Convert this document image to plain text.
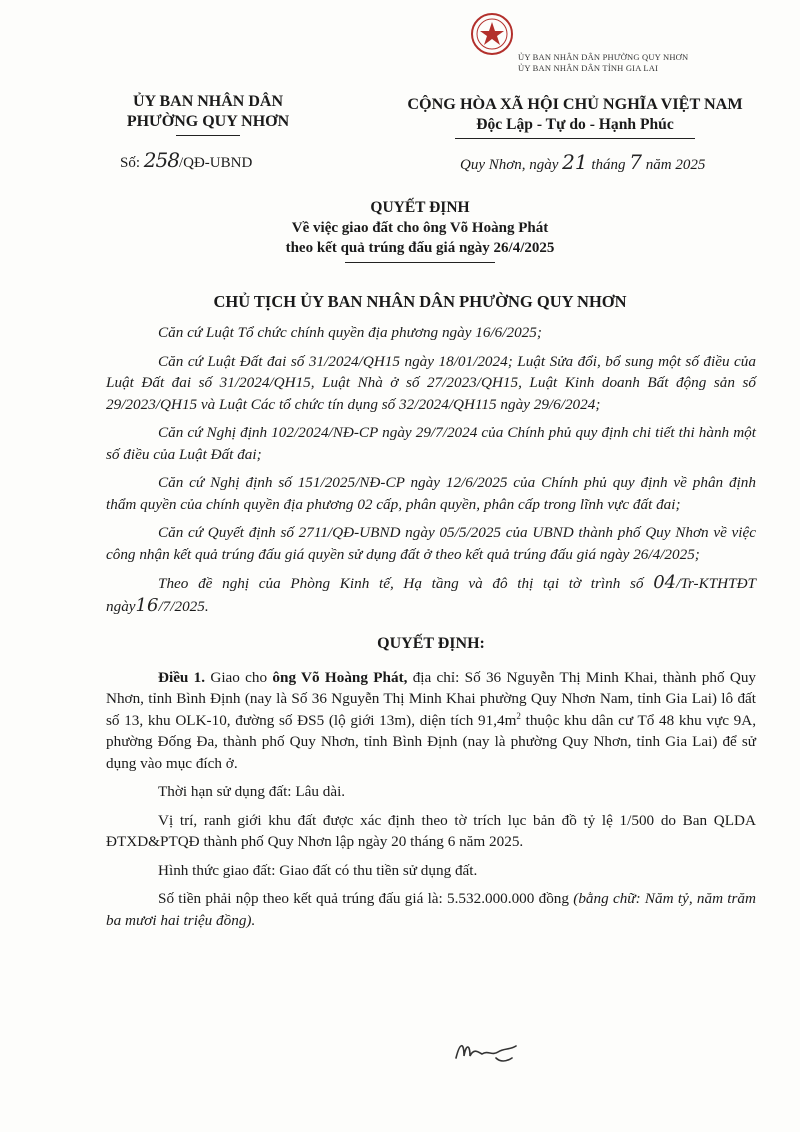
ỦY BAN NHÂN DÂN PHƯỜNG QUY NHƠN
ỦY BAN NHÂN DÂN TỈNH GIA LAI
ỦY BAN NHÂN DÂN
PHƯỜNG QUY NHƠN
Số: 258/QĐ-UBND
CỘNG HÒA XÃ HỘI CHỦ NGHĨA VIỆT NAM
Độc Lập - Tự do - Hạnh Phúc
Quy Nhơn, ngày 21 tháng 7 năm 2025
QUYẾT ĐỊNH
Về việc giao đất cho ông Võ Hoàng Phát
theo kết quả trúng đấu giá ngày 26/4/2025
CHỦ TỊCH ỦY BAN NHÂN DÂN PHƯỜNG QUY NHƠN

Căn cứ Luật Tổ chức chính quyền địa phương ngày 16/6/2025;

Căn cứ Luật Đất đai số 31/2024/QH15 ngày 18/01/2024; Luật Sửa đổi, bổ sung một số điều của Luật Đất đai số 31/2024/QH15, Luật Nhà ở số 27/2023/QH15, Luật Kinh doanh Bất động sản số 29/2023/QH15 và Luật Các tổ chức tín dụng số 32/2024/QH115 ngày 29/6/2024;

Căn cứ Nghị định 102/2024/NĐ-CP ngày 29/7/2024 của Chính phủ quy định chi tiết thi hành một số điều của Luật Đất đai;

Căn cứ Nghị định số 151/2025/NĐ-CP ngày 12/6/2025 của Chính phủ quy định về phân định thẩm quyền của chính quyền địa phương 02 cấp, phân quyền, phân cấp trong lĩnh vực đất đai;

Căn cứ Quyết định số 2711/QĐ-UBND ngày 05/5/2025 của UBND thành phố Quy Nhơn về việc công nhận kết quả trúng đấu giá quyền sử dụng đất ở theo kết quả trúng đấu giá ngày 26/4/2025;

Theo đề nghị của Phòng Kinh tế, Hạ tầng và đô thị tại tờ trình số 04/Tr-KTHTĐT ngày16/7/2025.

QUYẾT ĐỊNH:

Điều 1. Giao cho ông Võ Hoàng Phát, địa chỉ: Số 36 Nguyễn Thị Minh Khai, thành phố Quy Nhơn, tỉnh Bình Định (nay là Số 36 Nguyễn Thị Minh Khai phường Quy Nhơn Nam, tỉnh Gia Lai) lô đất số 13, khu OLK-10, đường số ĐS5 (lộ giới 13m), diện tích $91,4m^2$ thuộc khu dân cư Tổ 48 khu vực 9A, phường Đống Đa, thành phố Quy Nhơn, tỉnh Bình Định (nay là phường Quy Nhơn, tỉnh Gia Lai) để sử dụng vào mục đích ở.

Thời hạn sử dụng đất: Lâu dài.

Vị trí, ranh giới khu đất được xác định theo tờ trích lục bản đồ tỷ lệ 1/500 do Ban QLDA ĐTXD&PTQĐ thành phố Quy Nhơn lập ngày 20 tháng 6 năm 2025.

Hình thức giao đất: Giao đất có thu tiền sử dụng đất.

Số tiền phải nộp theo kết quả trúng đấu giá là: 5.532.000.000 đồng (bằng chữ: Năm tỷ, năm trăm ba mươi hai triệu đồng).
